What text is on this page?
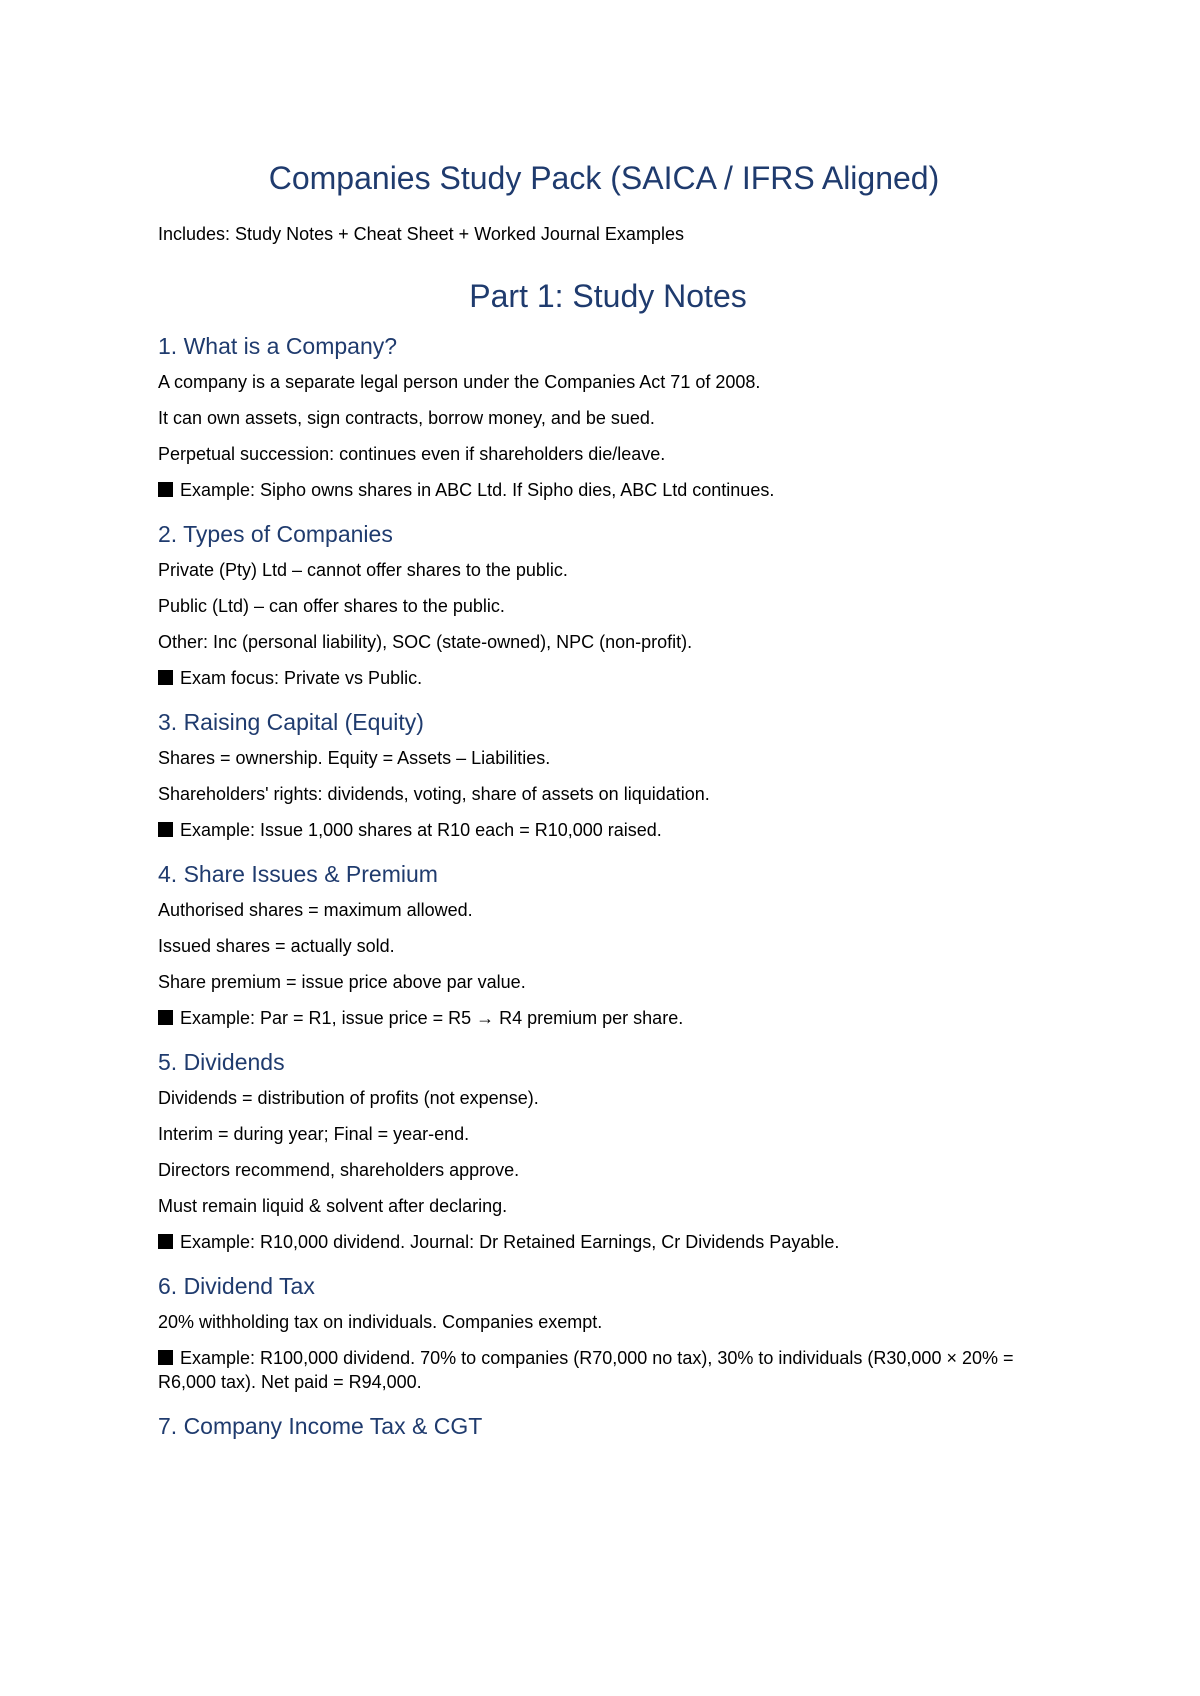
Companies Study Pack (SAICA / IFRS Aligned)

Includes: Study Notes + Cheat Sheet + Worked Journal Examples

Part 1: Study Notes
1. What is a Company?

A company is a separate legal person under the Companies Act 71 of 2008.

It can own assets, sign contracts, borrow money, and be sued.

Perpetual succession: continues even if shareholders die/leave.

Example: Sipho owns shares in ABC Ltd. If Sipho dies, ABC Ltd continues.

2. Types of Companies

Private (Pty) Ltd – cannot offer shares to the public.

Public (Ltd) – can offer shares to the public.

Other: Inc (personal liability), SOC (state-owned), NPC (non-profit).

Exam focus: Private vs Public.

3. Raising Capital (Equity)

Shares = ownership. Equity = Assets – Liabilities.

Shareholders' rights: dividends, voting, share of assets on liquidation.

Example: Issue 1,000 shares at R10 each = R10,000 raised.

4. Share Issues & Premium

Authorised shares = maximum allowed.

Issued shares = actually sold.

Share premium = issue price above par value.

Example: Par = R1, issue price = R5 → R4 premium per share.

5. Dividends

Dividends = distribution of profits (not expense).

Interim = during year; Final = year-end.

Directors recommend, shareholders approve.

Must remain liquid & solvent after declaring.

Example: R10,000 dividend. Journal: Dr Retained Earnings, Cr Dividends Payable.

6. Dividend Tax

20% withholding tax on individuals. Companies exempt.

Example: R100,000 dividend. 70% to companies (R70,000 no tax), 30% to individuals (R30,000 × 20% = R6,000 tax). Net paid = R94,000.

7. Company Income Tax & CGT
